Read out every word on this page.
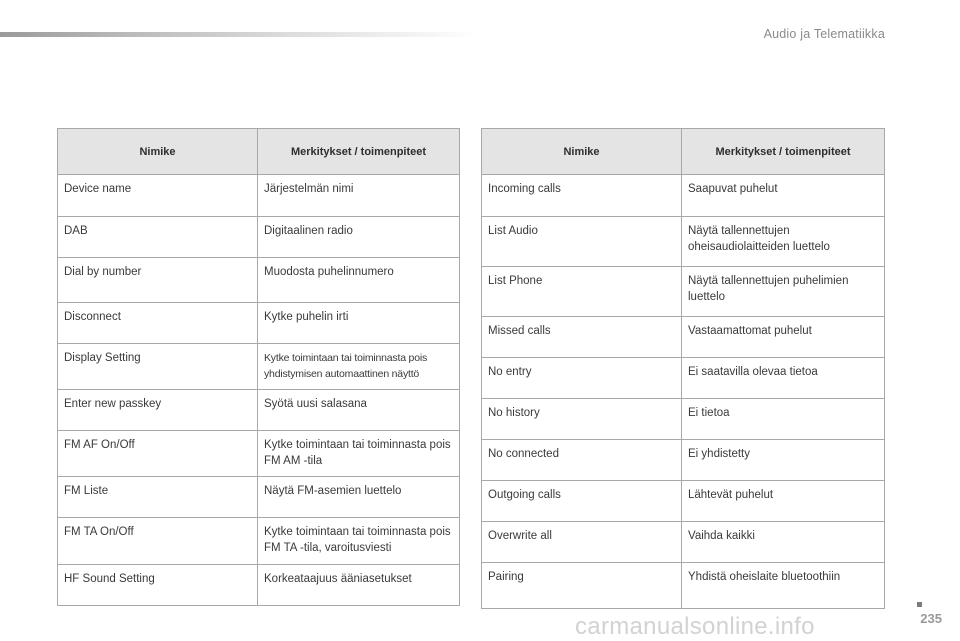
Audio ja Telematiikka
Nimike	Merkitykset / toimenpiteet
Device name	Järjestelmän nimi
DAB	Digitaalinen radio
Dial by number	Muodosta puhelinnumero
Disconnect	Kytke puhelin irti
Display Setting	Kytke toimintaan tai toiminnasta pois yhdistymisen automaattinen näyttö
Enter new passkey	Syötä uusi salasana
FM AF On/Off	Kytke toimintaan tai toiminnasta pois FM AM -tila
FM Liste	Näytä FM-asemien luettelo
FM TA On/Off	Kytke toimintaan tai toiminnasta pois FM TA -tila, varoitusviesti
HF Sound Setting	Korkeataajuus ääniasetukset
Nimike	Merkitykset / toimenpiteet
Incoming calls	Saapuvat puhelut
List Audio	Näytä tallennettujen oheisaudiolaitteiden luettelo
List Phone	Näytä tallennettujen puhelimien luettelo
Missed calls	Vastaamattomat puhelut
No entry	Ei saatavilla olevaa tietoa
No history	Ei tietoa
No connected	Ei yhdistetty
Outgoing calls	Lähtevät puhelut
Overwrite all	Vaihda kaikki
Pairing	Yhdistä oheislaite bluetoothiin
carmanualsonline.info	235
